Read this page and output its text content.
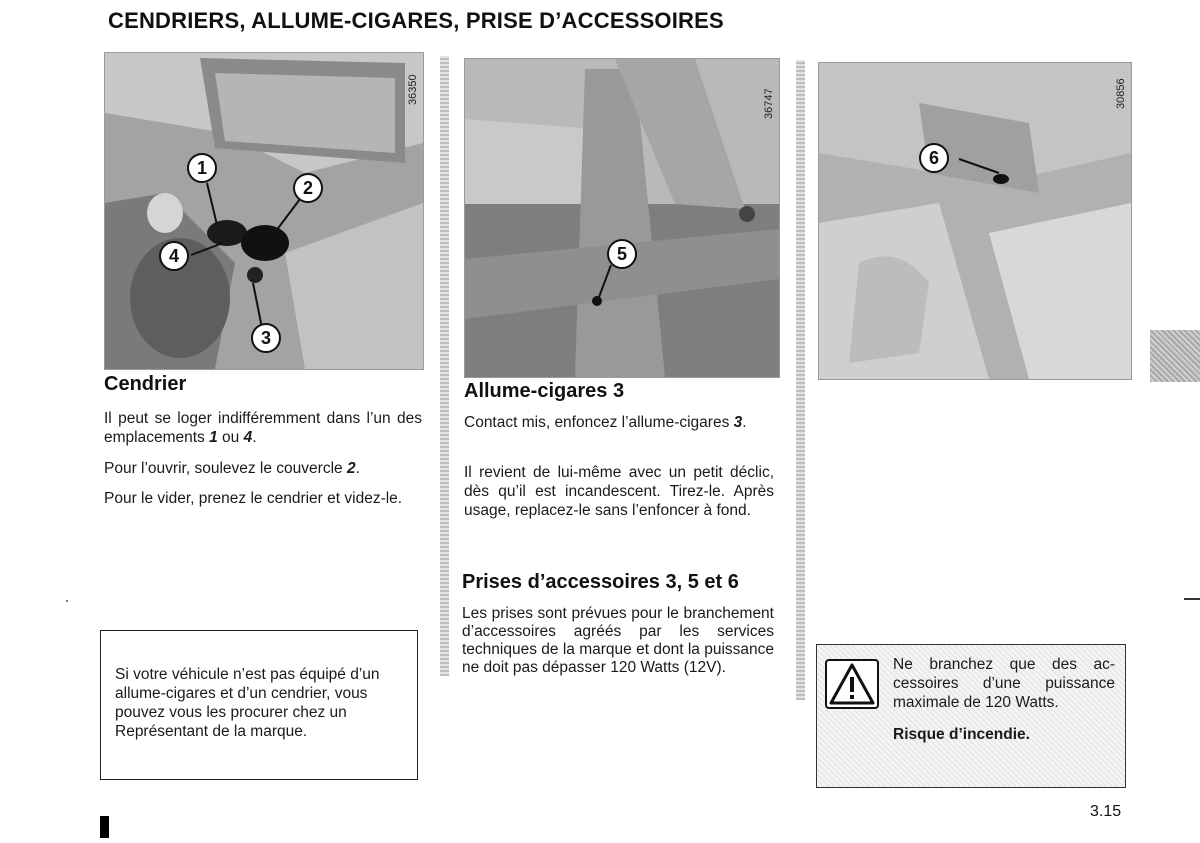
CENDRIERS, ALLUME-CIGARES, PRISE D’ACCESSOIRES
1
2
4
3
36350
5
36747
6
30856
Cendrier

Il peut se loger indifféremment dans l’un des emplacements 1 ou 4.

Pour l’ouvrir, soulevez le couvercle 2.

Pour le vider, prenez le cendrier et videz-le.

Si votre véhicule n’est pas équipé d’un allume-cigares et d’un cendrier, vous pouvez vous les procurer chez un Représentant de la marque.

Allume-cigares 3

Contact mis, enfoncez l’allume-cigares 3.

Il revient de lui-même avec un petit déclic, dès qu’il est incandescent. Tirez-le. Après usage, replacez-le sans l’enfoncer à fond.

Prises d’accessoires 3, 5 et 6

Les prises sont prévues pour le branchement d’accessoires agréés par les services techniques de la marque et dont la puissance ne doit pas dépasser 120 Watts (12V).	Ne branchez que des accessoires d’une puissance maximale de 120 Watts.

Risque d’incendie.

3.15
